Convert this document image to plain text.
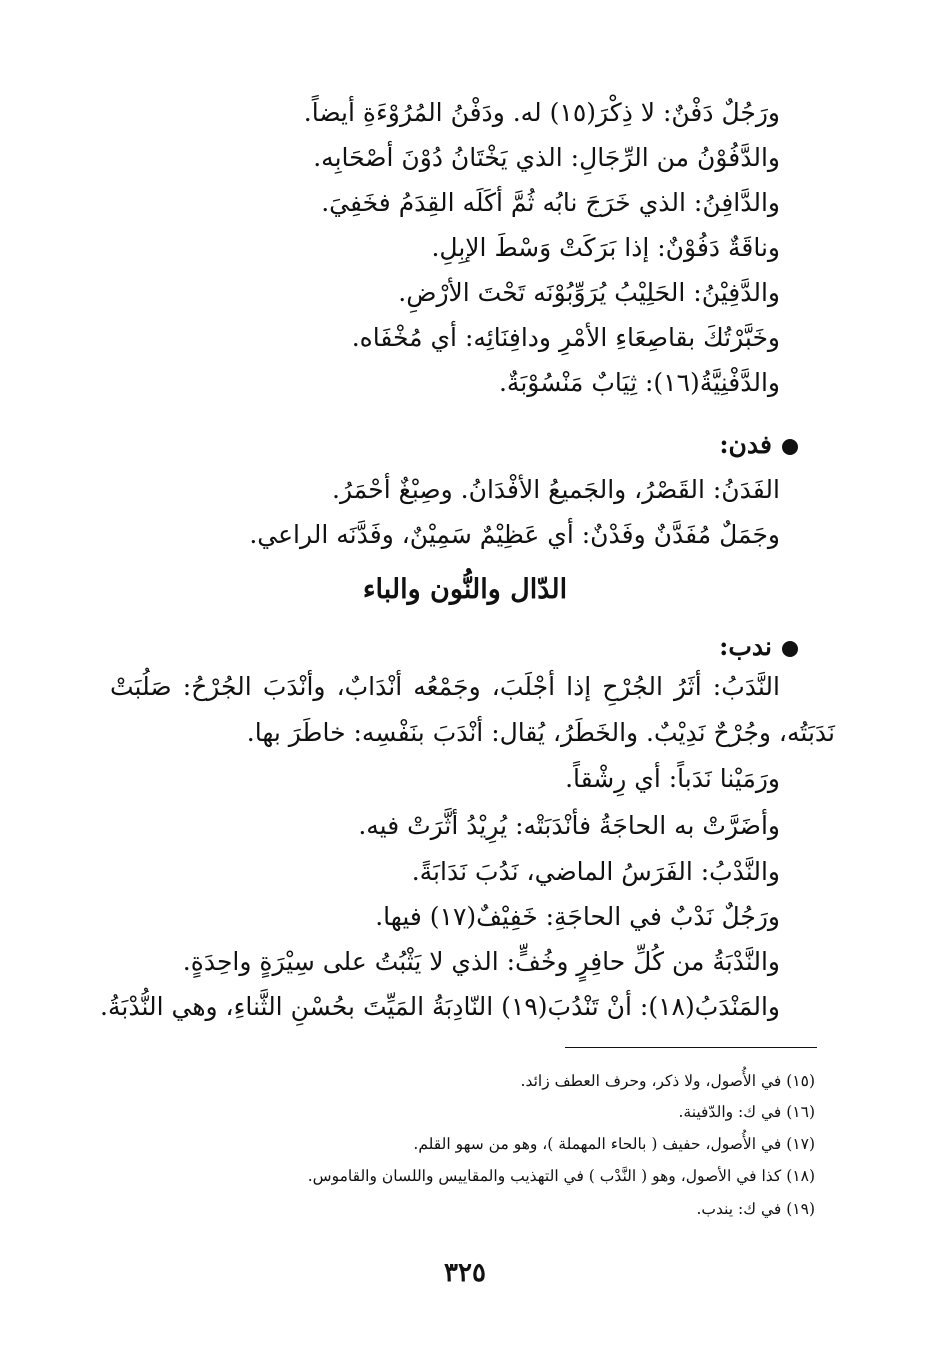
ورَجُلٌ دَفْنٌ: لا ذِكْرَ(١٥) له. ودَفْنُ المُرُوْءَةِ أيضاً.
والدَّفُوْنُ من الرِّجَالِ: الذي يَخْتَانُ دُوْنَ أصْحَابِه.
والدَّافِنُ: الذي خَرَجَ نابُه ثُمَّ أكَلَه القِدَمُ فخَفِيَ.
وناقَةٌ دَفُوْنٌ: إذا بَرَكَتْ وَسْطَ الإبِلِ.
والدَّفِيْنُ: الحَلِيْبُ يُرَوِّبُوْنَه تَحْتَ الأرْضِ.
وخَبَّرْتُكَ بقاصِعَاءِ الأمْرِ ودافِنَائِه: أي مُخْفَاه.
والدَّفْنِيَّةُ(١٦): ثِيَابٌ مَنْسُوْبَةٌ.
فدن:
الفَدَنُ: القَصْرُ، والجَميعُ الأفْدَانُ. وصِبْغٌ أحْمَرُ.
وجَمَلٌ مُفَدَّنٌ وفَدْنٌ: أي عَظِيْمٌ سَمِيْنٌ، وفَدَّنَه الراعي.
الدّال والنُّون والباء
ندب:
النَّدَبُ: أثَرُ الجُرْحِ إذا أجْلَبَ، وجَمْعُه أنْدَابٌ، وأنْدَبَ الجُرْحُ: صَلُبَتْ
نَدَبَتُه، وجُرْحٌ نَدِيْبٌ. والخَطَرُ، يُقال: أنْدَبَ بنَفْسِه: خاطَرَ بها.
ورَمَيْنا نَدَباً: أي رِشْقاً.
وأضَرَّتْ به الحاجَةُ فأنْدَبَتْه: يُرِيْدُ أثَّرَتْ فيه.
والنَّدْبُ: الفَرَسُ الماضي، نَدُبَ نَدَابَةً.
ورَجُلٌ نَدْبٌ في الحاجَةِ: خَفِيْفٌ(١٧) فيها.
والنَّدْبَةُ من كُلِّ حافِرٍ وخُفٍّ: الذي لا يَثْبُتُ على سِيْرَةٍ واحِدَةٍ.
والمَنْدَبُ(١٨): أنْ تَنْدُبَ(١٩) النّادِبَةُ المَيِّتَ بحُسْنِ الثَّناءِ، وهي النُّدْبَةُ.
(١٥) في الأُصول، ولا ذكر، وحرف العطف زائد.
(١٦) في ك: والدّفينة.
(١٧) في الأُصول، حفيف ( بالحاء المهملة )، وهو من سهو القلم.
(١٨) كذا في الأصول، وهو ( النَّدْب ) في التهذيب والمقاييس واللسان والقاموس.
(١٩) في ك: يندب.
٣٢٥
